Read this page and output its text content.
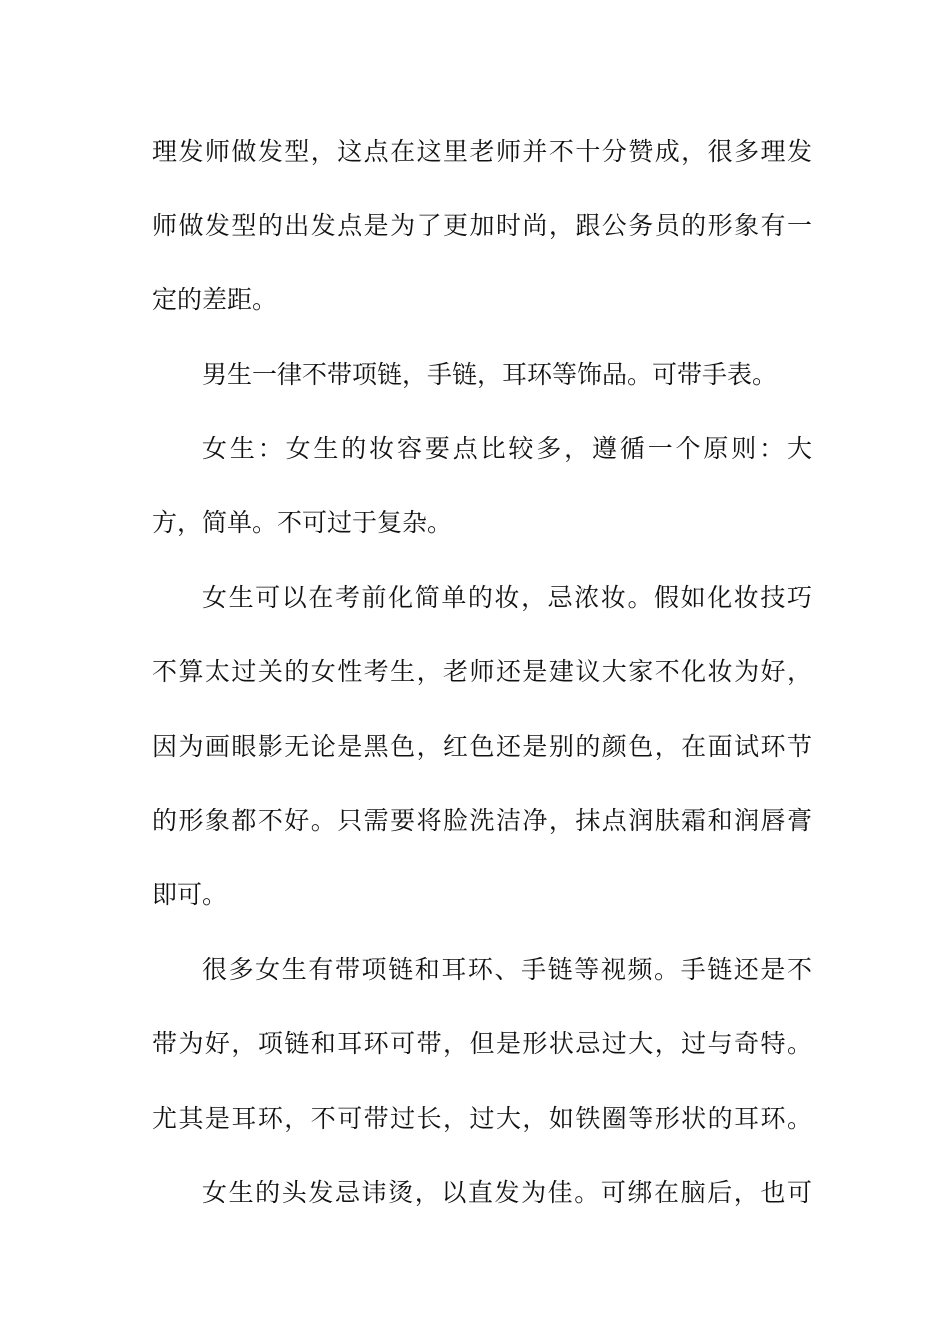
理发师做发型，这点在这里老师并不十分赞成，很多理发

师做发型的出发点是为了更加时尚，跟公务员的形象有一

定的差距。

男生一律不带项链，手链，耳环等饰品。可带手表。

女生：女生的妆容要点比较多，遵循一个原则：大

方，简单。不可过于复杂。

女生可以在考前化简单的妆，忌浓妆。假如化妆技巧

不算太过关的女性考生，老师还是建议大家不化妆为好，

因为画眼影无论是黑色，红色还是别的颜色，在面试环节

的形象都不好。只需要将脸洗洁净，抹点润肤霜和润唇膏

即可。

很多女生有带项链和耳环、手链等视频。手链还是不

带为好，项链和耳环可带，但是形状忌过大，过与奇特。

尤其是耳环，不可带过长，过大，如铁圈等形状的耳环。

女生的头发忌讳烫，以直发为佳。可绑在脑后，也可
